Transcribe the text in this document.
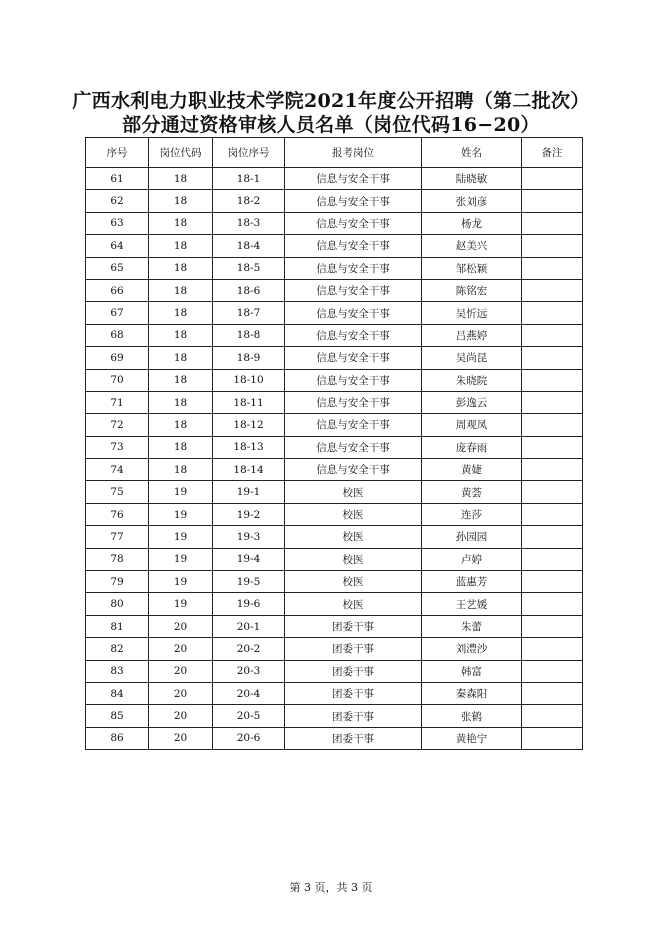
广西水利电力职业技术学院2021年度公开招聘（第二批次）
部分通过资格审核人员名单（岗位代码16−20）
序号	岗位代码	岗位序号	报考岗位	姓名	备注
61	18	18-1	信息与安全干事	陆晓敏	
62	18	18-2	信息与安全干事	张刘彦	
63	18	18-3	信息与安全干事	杨龙	
64	18	18-4	信息与安全干事	赵美兴	
65	18	18-5	信息与安全干事	邹松颖	
66	18	18-6	信息与安全干事	陈铭宏	
67	18	18-7	信息与安全干事	吴忻远	
68	18	18-8	信息与安全干事	吕燕婷	
69	18	18-9	信息与安全干事	吴尚昆	
70	18	18-10	信息与安全干事	朱晓院	
71	18	18-11	信息与安全干事	彭逸云	
72	18	18-12	信息与安全干事	周观凤	
73	18	18-13	信息与安全干事	庞春雨	
74	18	18-14	信息与安全干事	黄婕	
75	19	19-1	校医	黄荟	
76	19	19-2	校医	连莎	
77	19	19-3	校医	孙园园	
78	19	19-4	校医	卢婷	
79	19	19-5	校医	蓝惠芳	
80	19	19-6	校医	王艺媛	
81	20	20-1	团委干事	朱蕾	
82	20	20-2	团委干事	刘澧沙	
83	20	20-3	团委干事	韩富	
84	20	20-4	团委干事	秦森阳	
85	20	20-5	团委干事	张鹤	
86	20	20-6	团委干事	黄艳宁	
第 3 页，共 3 页
